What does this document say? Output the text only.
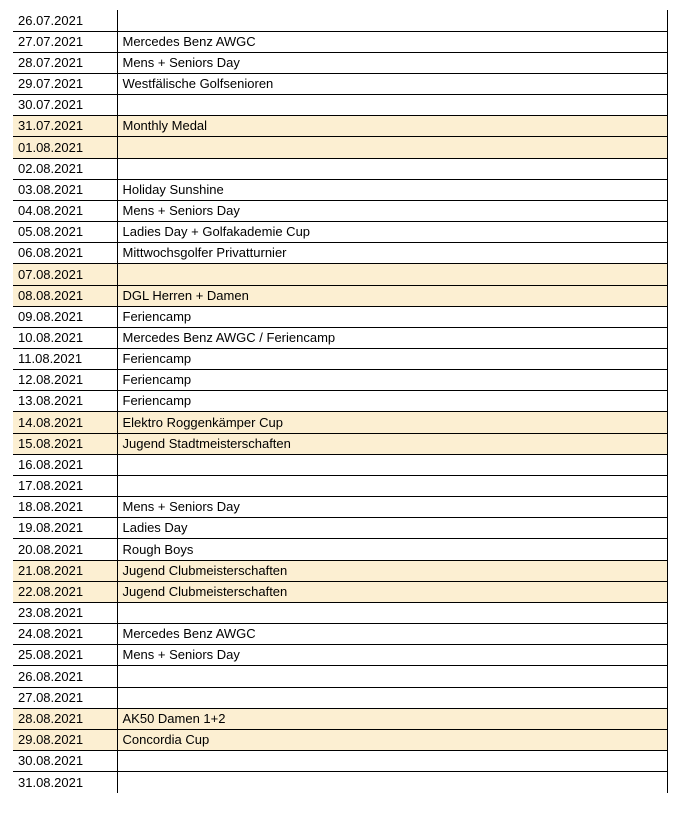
26.07.2021	
27.07.2021	Mercedes Benz AWGC
28.07.2021	Mens + Seniors Day
29.07.2021	Westfälische Golfsenioren
30.07.2021	
31.07.2021	Monthly Medal
01.08.2021	
02.08.2021	
03.08.2021	Holiday Sunshine
04.08.2021	Mens + Seniors Day
05.08.2021	Ladies Day + Golfakademie Cup
06.08.2021	Mittwochsgolfer Privatturnier
07.08.2021	
08.08.2021	DGL Herren + Damen
09.08.2021	Feriencamp
10.08.2021	Mercedes Benz AWGC / Feriencamp
11.08.2021	Feriencamp
12.08.2021	Feriencamp
13.08.2021	Feriencamp
14.08.2021	Elektro Roggenkämper Cup
15.08.2021	Jugend Stadtmeisterschaften
16.08.2021	
17.08.2021	
18.08.2021	Mens + Seniors Day
19.08.2021	Ladies Day
20.08.2021	Rough Boys
21.08.2021	Jugend Clubmeisterschaften
22.08.2021	Jugend Clubmeisterschaften
23.08.2021	
24.08.2021	Mercedes Benz AWGC
25.08.2021	Mens + Seniors Day
26.08.2021	
27.08.2021	
28.08.2021	AK50 Damen 1+2
29.08.2021	Concordia Cup
30.08.2021	
31.08.2021	
